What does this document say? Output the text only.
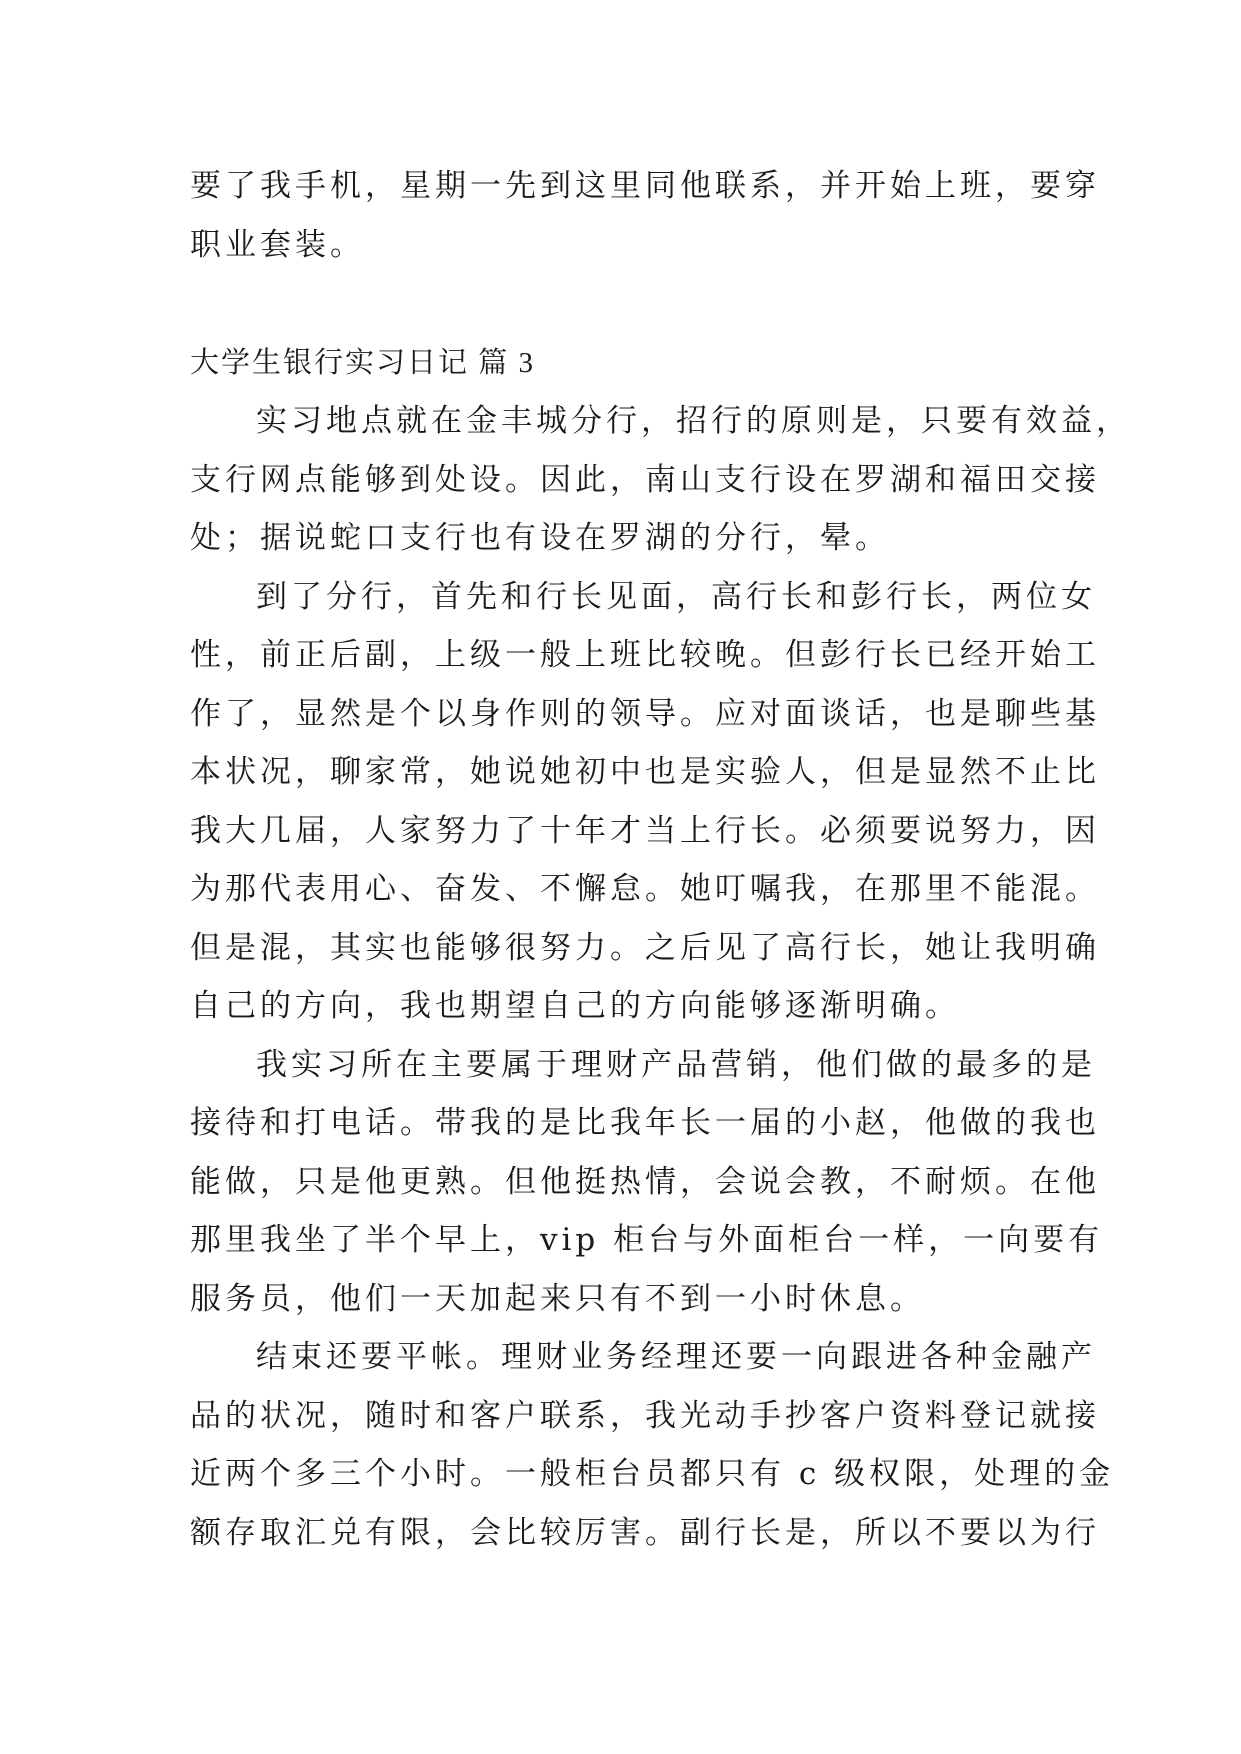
要了我手机，星期一先到这里同他联系，并开始上班，要穿
职业套装。
大学生银行实习日记 篇 3
实习地点就在金丰城分行，招行的原则是，只要有效益，
支行网点能够到处设。因此，南山支行设在罗湖和福田交接
处；据说蛇口支行也有设在罗湖的分行，晕。
到了分行，首先和行长见面，高行长和彭行长，两位女
性，前正后副，上级一般上班比较晚。但彭行长已经开始工
作了，显然是个以身作则的领导。应对面谈话，也是聊些基
本状况，聊家常，她说她初中也是实验人，但是显然不止比
我大几届，人家努力了十年才当上行长。必须要说努力，因
为那代表用心、奋发、不懈怠。她叮嘱我，在那里不能混。
但是混，其实也能够很努力。之后见了高行长，她让我明确
自己的方向，我也期望自己的方向能够逐渐明确。
我实习所在主要属于理财产品营销，他们做的最多的是
接待和打电话。带我的是比我年长一届的小赵，他做的我也
能做，只是他更熟。但他挺热情，会说会教，不耐烦。在他
那里我坐了半个早上，vip 柜台与外面柜台一样，一向要有
服务员，他们一天加起来只有不到一小时休息。
结束还要平帐。理财业务经理还要一向跟进各种金融产
品的状况，随时和客户联系，我光动手抄客户资料登记就接
近两个多三个小时。一般柜台员都只有 c 级权限，处理的金
额存取汇兑有限，会比较厉害。副行长是，所以不要以为行
